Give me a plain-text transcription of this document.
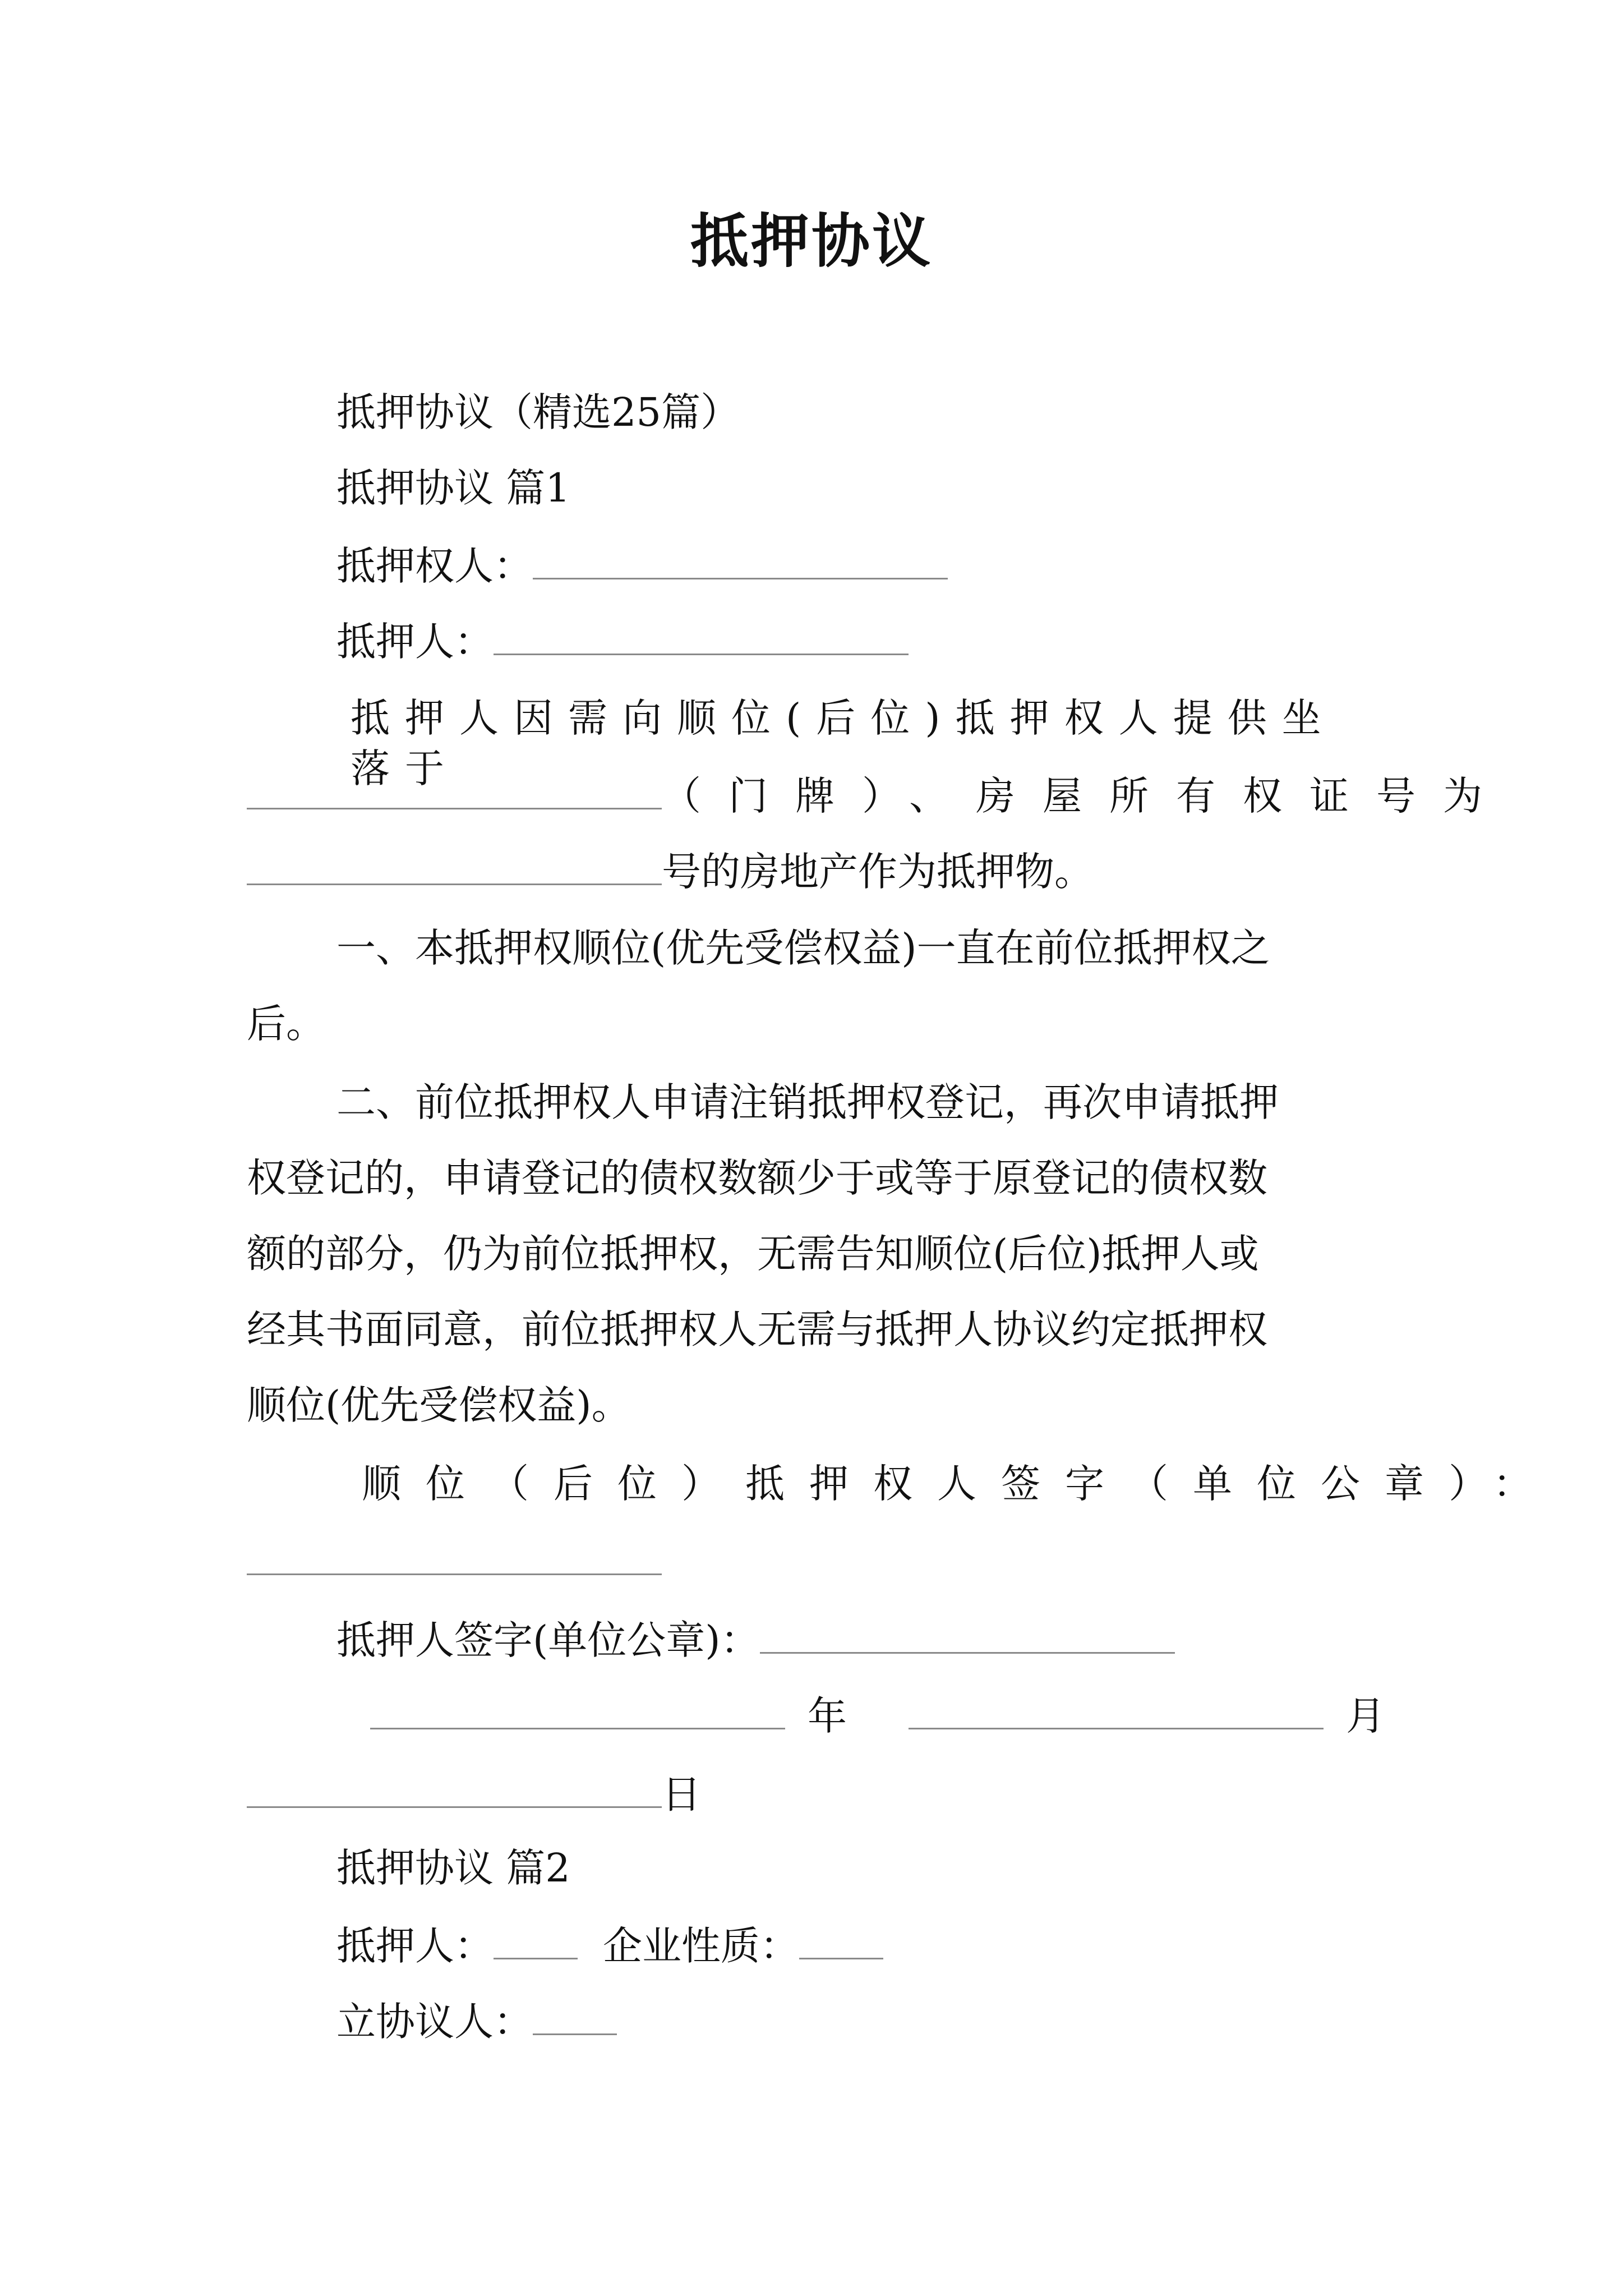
抵押协议
抵押协议（精选25篇）
抵押协议 篇1
抵押权人：
抵押人：
抵押人因需向顺位(后位)抵押权人提供坐落于
（门牌）、房屋所有权证号为
号的房地产作为抵押物。
一、本抵押权顺位(优先受偿权益)一直在前位抵押权之
后。
二、前位抵押权人申请注销抵押权登记，再次申请抵押
权登记的，申请登记的债权数额少于或等于原登记的债权数
额的部分，仍为前位抵押权，无需告知顺位(后位)抵押人或
经其书面同意，前位抵押权人无需与抵押人协议约定抵押权
顺位(优先受偿权益)。
顺位（后位）抵押权人签字（单位公章）：
抵押人签字(单位公章)：
年	月
日
抵押协议 篇2
抵押人：	企业性质：
立协议人：
